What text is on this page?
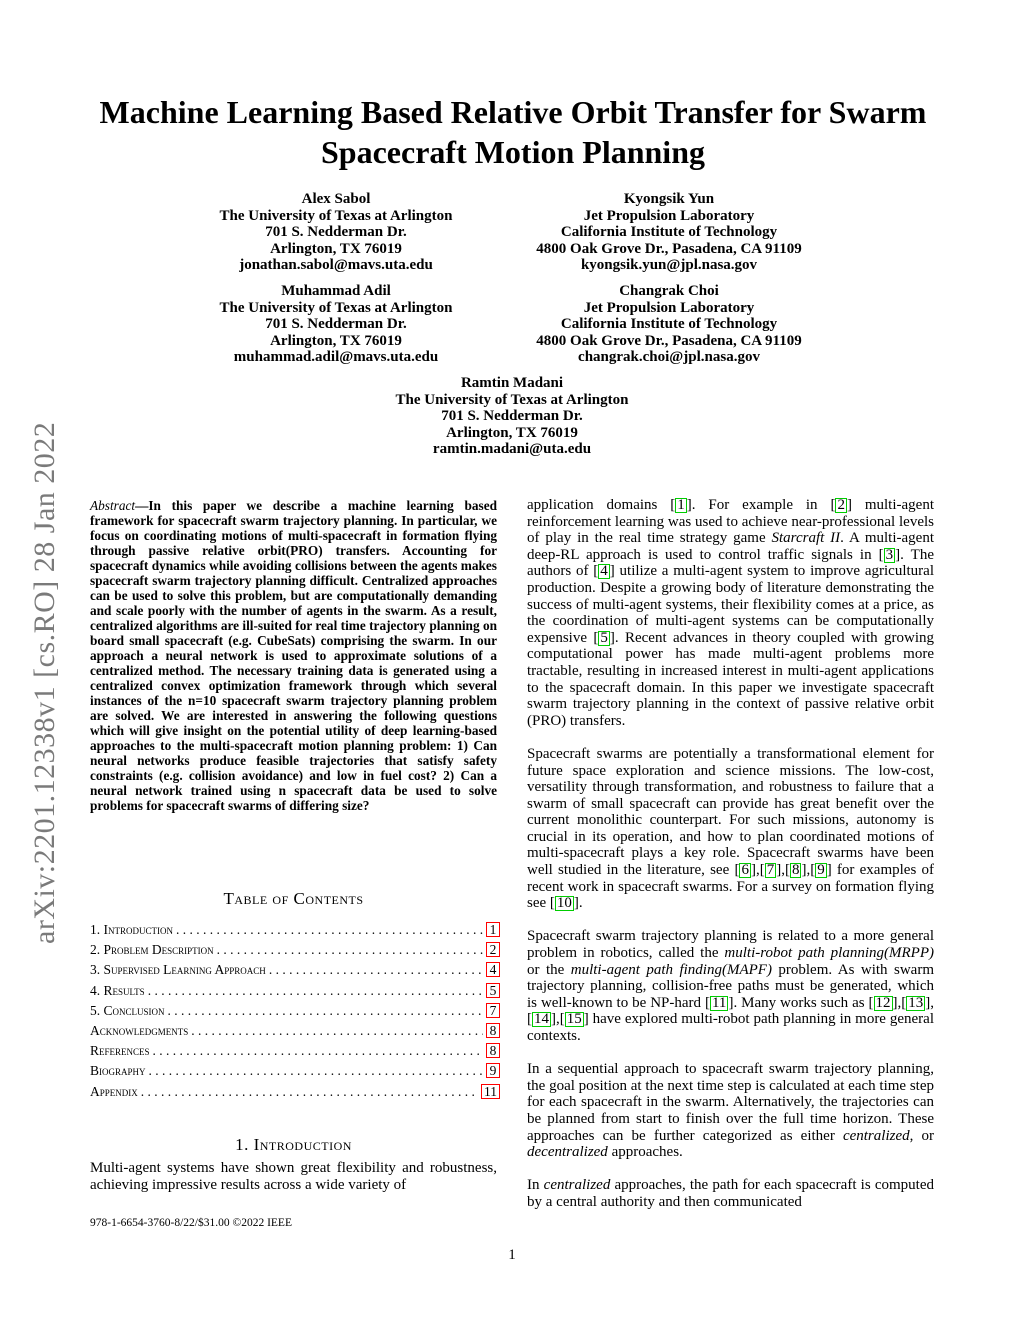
arXiv:2201.12338v1 [cs.RO] 28 Jan 2022
Machine Learning Based Relative Orbit Transfer for Swarm Spacecraft Motion Planning
Alex Sabol
The University of Texas at Arlington
701 S. Nedderman Dr.
Arlington, TX 76019
jonathan.sabol@mavs.uta.edu
Kyongsik Yun
Jet Propulsion Laboratory
California Institute of Technology
4800 Oak Grove Dr., Pasadena, CA 91109
kyongsik.yun@jpl.nasa.gov
Muhammad Adil
The University of Texas at Arlington
701 S. Nedderman Dr.
Arlington, TX 76019
muhammad.adil@mavs.uta.edu
Changrak Choi
Jet Propulsion Laboratory
California Institute of Technology
4800 Oak Grove Dr., Pasadena, CA 91109
changrak.choi@jpl.nasa.gov
Ramtin Madani
The University of Texas at Arlington
701 S. Nedderman Dr.
Arlington, TX 76019
ramtin.madani@uta.edu
Abstract—In this paper we describe a machine learning based framework for spacecraft swarm trajectory planning. In particular, we focus on coordinating motions of multi-spacecraft in formation flying through passive relative orbit(PRO) transfers. Accounting for spacecraft dynamics while avoiding collisions between the agents makes spacecraft swarm trajectory planning difficult. Centralized approaches can be used to solve this problem, but are computationally demanding and scale poorly with the number of agents in the swarm. As a result, centralized algorithms are ill-suited for real time trajectory planning on board small spacecraft (e.g. CubeSats) comprising the swarm. In our approach a neural network is used to approximate solutions of a centralized method. The necessary training data is generated using a centralized convex optimization framework through which several instances of the n=10 spacecraft swarm trajectory planning problem are solved. We are interested in answering the following questions which will give insight on the potential utility of deep learning-based approaches to the multi-spacecraft motion planning problem: 1) Can neural networks produce feasible trajectories that satisfy safety constraints (e.g. collision avoidance) and low in fuel cost? 2) Can a neural network trained using n spacecraft data be used to solve problems for spacecraft swarms of differing size?
Table of Contents
1. Introduction . . .	1
2. Problem Description . . .	2
3. Supervised Learning Approach . . .	4
4. Results . . .	5
5. Conclusion . . .	7
Acknowledgments . . .	8
References . . .	8
Biography . . .	9
Appendix . . .	11
1. Introduction
Multi-agent systems have shown great flexibility and robustness, achieving impressive results across a wide variety of
978-1-6654-3760-8/22/$31.00 ©2022 IEEE

application domains [ 1 ]. For example in [ 2 ] multi-agent reinforcement learning was used to achieve near-professional levels of play in the real time strategy game Starcraft II. A multi-agent deep-RL approach is used to control traffic signals in [ 3 ]. The authors of [ 4 ] utilize a multi-agent system to improve agricultural production. Despite a growing body of literature demonstrating the success of multi-agent systems, their flexibility comes at a price, as the coordination of multi-agent systems can be computationally expensive [ 5 ]. Recent advances in theory coupled with growing computational power has made multi-agent problems more tractable, resulting in increased interest in multi-agent applications to the spacecraft domain. In this paper we investigate spacecraft swarm trajectory planning in the context of passive relative orbit (PRO) transfers.

Spacecraft swarms are potentially a transformational element for future space exploration and science missions. The low-cost, versatility through transformation, and robustness to failure that a swarm of small spacecraft can provide has great benefit over the current monolithic counterpart. For such missions, autonomy is crucial in its operation, and how to plan coordinated motions of multi-spacecraft plays a key role. Spacecraft swarms have been well studied in the literature, see [ 6 ],[ 7 ],[ 8 ],[ 9 ] for examples of recent work in spacecraft swarms. For a survey on formation flying see [ 10 ].

Spacecraft swarm trajectory planning is related to a more general problem in robotics, called the multi-robot path planning(MRPP) or the multi-agent path finding(MAPF) problem. As with swarm trajectory planning, collision-free paths must be generated, which is well-known to be NP-hard [ 11 ]. Many works such as [ 12 ],[ 13 ],[ 14 ],[ 15 ] have explored multi-robot path planning in more general contexts.

In a sequential approach to spacecraft swarm trajectory planning, the goal position at the next time step is calculated at each time step for each spacecraft in the swarm. Alternatively, the trajectories can be planned from start to finish over the full time horizon. These approaches can be further categorized as either centralized, or decentralized approaches.

In centralized approaches, the path for each spacecraft is computed by a central authority and then communicated

1
